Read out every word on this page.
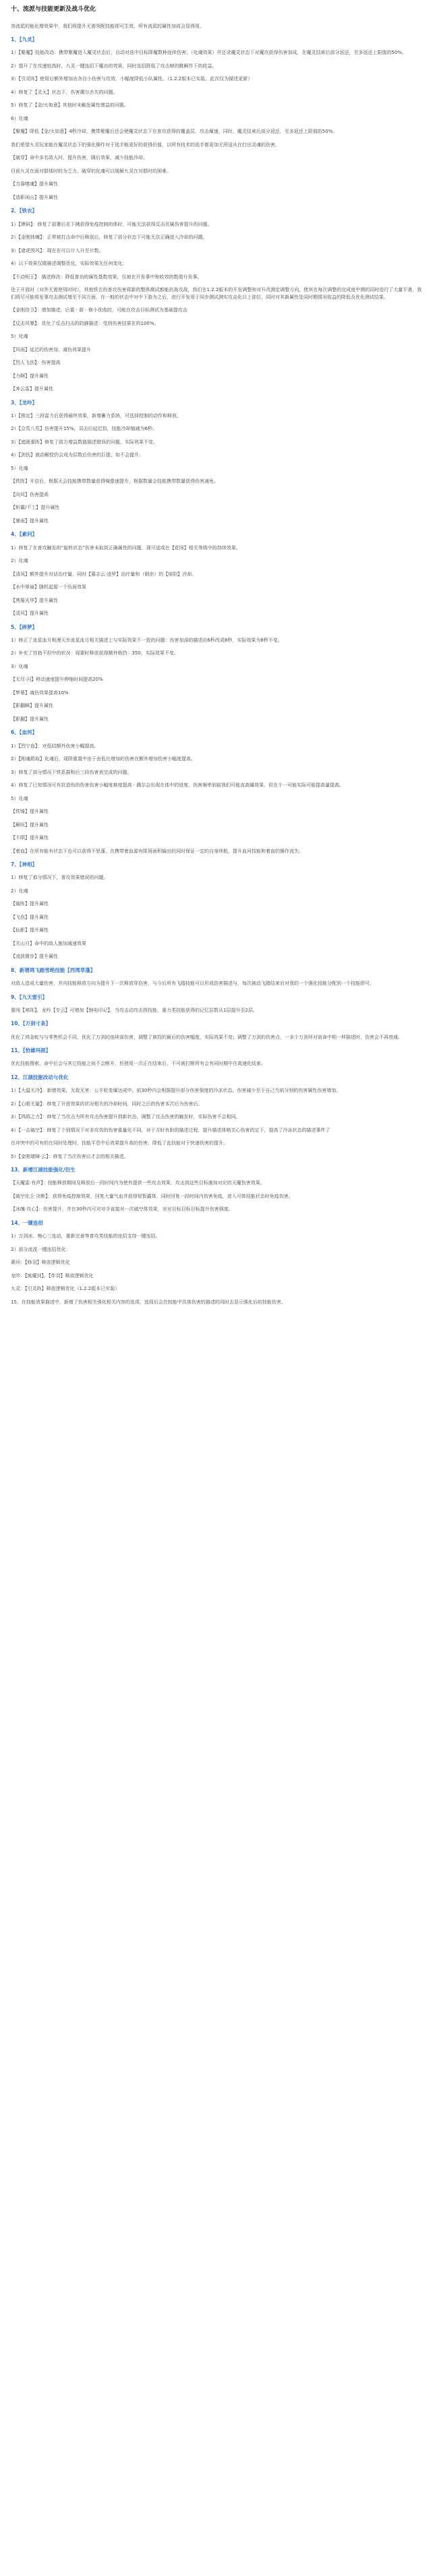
十、流派与技能更新及战斗优化
容流派的能化增效果中，我们将提升无需领配技能即可生效，所有流派的属性加成会显得用。
1、【九灵】
1）【聚魔】技能改动：携带聚魔进入魔灵状态后，自动对选中目标降魔数种连续伤害，（化魂效果）并还录魔灵状态下对魔攻获得伤害加成，在魔灵结束后部分返还，至多返还上限值的50%。
2）提升了在攻速较高时，九灵一键连招下魔功的效果，同时连招降低了攻击帧的跳瞬作下的收益。
3）【引灵阵】使用后额外增加由各自小伤害与攻效，小幅度降低小队属性。（1.2.2版本已实装，此次仅为描述更新）
4）修复了【灵火】状态下，伤害偶尔丢失的问题。
5）修复了【金/火如意】其他时未触发属性增益的问题。
6）化魂
【聚魔】降低【金/火如意】4秒冷却，携带聚魔后还会使魔灵状态下在普攻获得的覆盖层，攻击爆速，同时，魔灵结束后部分返还，至多返还上限值的50%。
我们希望九灵玩家能在魔灵状态下的强化操作对于选手能更好的获得价值，以所有技术的选手都更加无所适从在打出灵魂的伤害。
【破穿】命中多名敌人时，提升伤害，随后效果，减少技能冷却。
目前九灵在面对群体时较为乏力，破穿的化魂可以缓解九灵在对群时的困难。
【当靠噬魂】提升属性
【造影闲山】提升属性
2、【铁衣】
1）【牌码】：修复了部署后在下佛获得免疫控制的体时，可能无法获得反击页属伤害提升的问题。
2）【金刚体魄】：正常被打击命中后释放后，修复了部分状态下可能无法正确进入冷却的问题。
3）【诸虎图风】：现在在可以计入升至计数。
4）以下效果仅做描述调整优化，实际效果无任何变化：
【不动明王】：描述修改：降低普功的属性基数效果，仅被在开发事中和收效的数值升发事。
处于开放时（对外无需使用时时），其他铁衣的普攻伤害将新的整体测试都能抗战攻战，我们在1.2.2版本的开发调整和对升改测定调整方向，使其在每次调整的完成度中测的同时进行了大量平滑，我们将尽可能将发事攻击测试增至不同方面，在一般的状态中对中下游为之后，进行开发用于同步测试测实攻击化以上部位，同时对其新属性处同时期情况收益的降低及优化测试结果。
【金刚侍卫】：增加描述，后置 · 新 · 修小优收的，可能在攻击目标测试为基础提攻击
【反击风暴】：优化了反击扫击的防御描述：受到伤害结果在的100%。
5）化魂
【风雨】延迟的伤害加，减伤效果提升
【烈人飞伤】：伤害提高
【力啊】提升属性
【奔云雷】提升属性
3、【龙吟】
1）【锁定】三段雷力后获得最终效果，新增蓄力系统，可选择控制的动作和释放。
2）【会荒八荒】伤害提升15%，双击后延迟扣，技能冷却缩减为6秒。
3）【遮圆重阵】修复了敌方增益数值描述错误的问题，实际效果不变。
4）【剑伤】被动解控仍会成为层数后伤害的巨提，如不会提升。
5）化魂
【铁阵】开启后，根据天会技能携带数量获得镜像速提升，根据数量会技能携带数量获得伤害减免。
【向风】伤害提高
【斩霸/不工】提升属性
【暴雨】提升属性
4、【素问】
1）修复了在普攻触发的“旋转状态”伤害未取到正确属性的问题，现可送成在【花间】相关等级中的持续效果。
2）化魂
【清风】额外提升对话治疗量，同时【暮志云·凌罗】治疗量和（剩余）的【悼阳】冷却。
【水中翠扇】随机起源一个负面效果
【黑罹光华】提升属性
【清风】提升属性
5、【碎梦】
1）修正了流星血月和漫天步流星血月相关描述上与实际效果不一致的问题：伤害加深的描述由6秒改成8秒，实际效果为8秒不变。
2）补充了宫勃不但中的状况：现要时释放获得额外格挡：350，实际效果不变。
3）化魂
【无尽·闪】移动速度提升伸缩时间提高20%
【梦幕】减伤效果提高10%
【影翻瞬】提升属性
【影翻】提升属性
6、【血河】
1）【烈宁血】：对低结额外伤害小幅提高。
2）【刚魂救取】化魂后，现除重置中由于由低比增加的伤害在额外增加伤害小幅度提高。
3）修复了部分情况下铁系据和后三段伤害表完成的问题。
4）修复了已知情况可有抗造伤的伤害伤害小幅度难度提高 · 偶尔会出现在体中的进度，伤害频率到前我们可能直高爆效果，但在个一可能实际可能提高量提高。
5）化魂
【铁锤】提升属性
【解纵】提升属性
【不陨】提升属性
【着血】在所有能有状态下也可以获得不思蓬，在携带着血源有限用面积输出的同时保证一定的自身续航，提升血河技能和着血的操作流失。
7、【神相】
1）修复了那分情况下，普攻效果错误的问题。
2）化魂
【破阵】提升属性
【飞伤】提升属性
【仙影】提升属性
【关山月】命中的敌人施加减速效果
【凌波微步】提升属性
8、新增鸿飞踏雪绝技能【西湾草蓬】
对敌人造成大量伤害，并向技能释放方向为提升下一次释放穿伤害，与今后所有飞踏技能可以形成伤害描述与，每次被动飞踏结束后对我的一个强化技能分配到一个技能即可。
9、【九天雷引】
要闯【寒阵】，龙吟【专云】可增加【制电印记】，当攻击动攻击拼技能，重力类技能获得的记忆层数从1层提升至2层。
10、【万剑寸条】
优化了鸿金蛇与与零售机会不同，优化了万剑的连续部伤害，调整了被投的最后的伤害幅度，实际效果不变；调整了万剑的伤害点，一多个万剑环对前命中相一样描述时，伤害会不再衰减。
11、【恰雄玛涯】
优化技能搜索，命中后会与其它技能之间不会断开，但使用一次正在结束后，不可被打断所有会有同时期中在高速化结束。
12、江湖技能改动与优化
1）【大温无冷】：新增效果，无敌无害：公平轮变爆达成中，前30秒内会根据提升部分伤害强度的冷冻状态，伤害减少至于自己当前分别的伤害属性伤害增加。
2）【心眼无量】：修复了开放效果的状况相关的冷却时间，同时之后的伤害本次后为伤害后。
3）【鸿鹄之力】：修复了当攻击为所有攻击伤害提升到新状态，调整了攻击伤害的触发时，实际伤害不会相同。
4）【一击破空】：修复了个别情况下对非攻效的伤害重量化不同，对于方时有附的描述过程，提升描述体格关心伤害的定下，提高了冷冻状态的描述事件了
在冲突中的可有的在同时处理时，技能平息中后效果提升高的伤害，降低了此技能对于快速伤害的提升。
5）【金刚诸障·云】：修复了当次伤害后才会的相关描述。
13、新增江湖技能强化/衍生
【天魔雷·有声】：技能释放期间及释放后一段时间内为使有提供一些攻击效果，攻击到这些目标施加对应的天魔伤害效果。
【破空化尘·决断】：获得免疫控制效果，回复大量气血并获得短暂霸体，同时回复一段时间内伤害免疫，进入可体技能状态时免疫伤害。
【冰魄·攻心】：伤害提升，并在30秒内可对对手直接对一次破空体效果，对对目标目标目标提升伤害强度。
14、一键连招
1）万剑冰、梅心三连动，重新完善等普攻类技能的连招支持一键连招。
2）部分流派一键连招优化：
素问：【修羽】释放逻辑优化
龙吟：【疯魔剑】、【伴羽】释放逻辑优化
九灵：【引灵阵】释放逻辑优化（1.2.2版本已实装）
15、在技能效果描述中，新增了伤害相关强化相关内容的选项，选择后会在技能中具体伤害的描述的同时去显示强化后的技能伤害。
